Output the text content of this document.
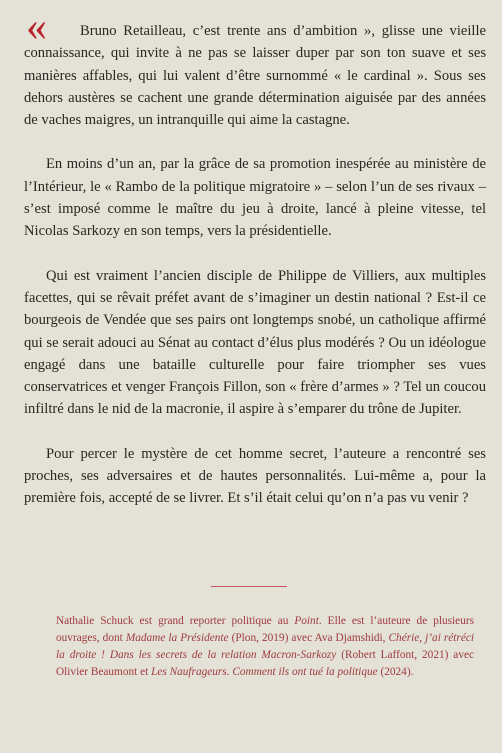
«	Bruno Retailleau, c’est trente ans d’ambition », glisse une vieille connaissance, qui invite à ne pas se laisser duper par son ton suave et ses manières affables, qui lui valent d’être surnommé « le cardinal ». Sous ses dehors austères se cachent une grande détermination aiguisée par des années de vaches maigres, un intranquille qui aime la castagne.

En moins d’un an, par la grâce de sa promotion inespérée au ministère de l’Intérieur, le « Rambo de la politique migratoire » – selon l’un de ses rivaux – s’est imposé comme le maître du jeu à droite, lancé à pleine vitesse, tel Nicolas Sarkozy en son temps, vers la présidentielle.

Qui est vraiment l’ancien disciple de Philippe de Villiers, aux multiples facettes, qui se rêvait préfet avant de s’imaginer un destin national ? Est-il ce bourgeois de Vendée que ses pairs ont longtemps snobé, un catholique affirmé qui se serait adouci au Sénat au contact d’élus plus modérés ? Ou un idéologue engagé dans une bataille culturelle pour faire triompher ses vues conservatrices et venger François Fillon, son « frère d’armes » ? Tel un coucou infiltré dans le nid de la macronie, il aspire à s’emparer du trône de Jupiter.

Pour percer le mystère de cet homme secret, l’auteure a rencontré ses proches, ses adversaires et de hautes personnalités. Lui-même a, pour la première fois, accepté de se livrer. Et s’il était celui qu’on n’a pas vu venir ?

Nathalie Schuck est grand reporter politique au Point. Elle est l’auteure de plusieurs ouvrages, dont Madame la Présidente (Plon, 2019) avec Ava Djamshidi, Chérie, j’ai rétréci la droite ! Dans les secrets de la relation Macron-Sarkozy (Robert Laffont, 2021) avec Olivier Beaumont et Les Naufrageurs. Comment ils ont tué la politique (2024).
